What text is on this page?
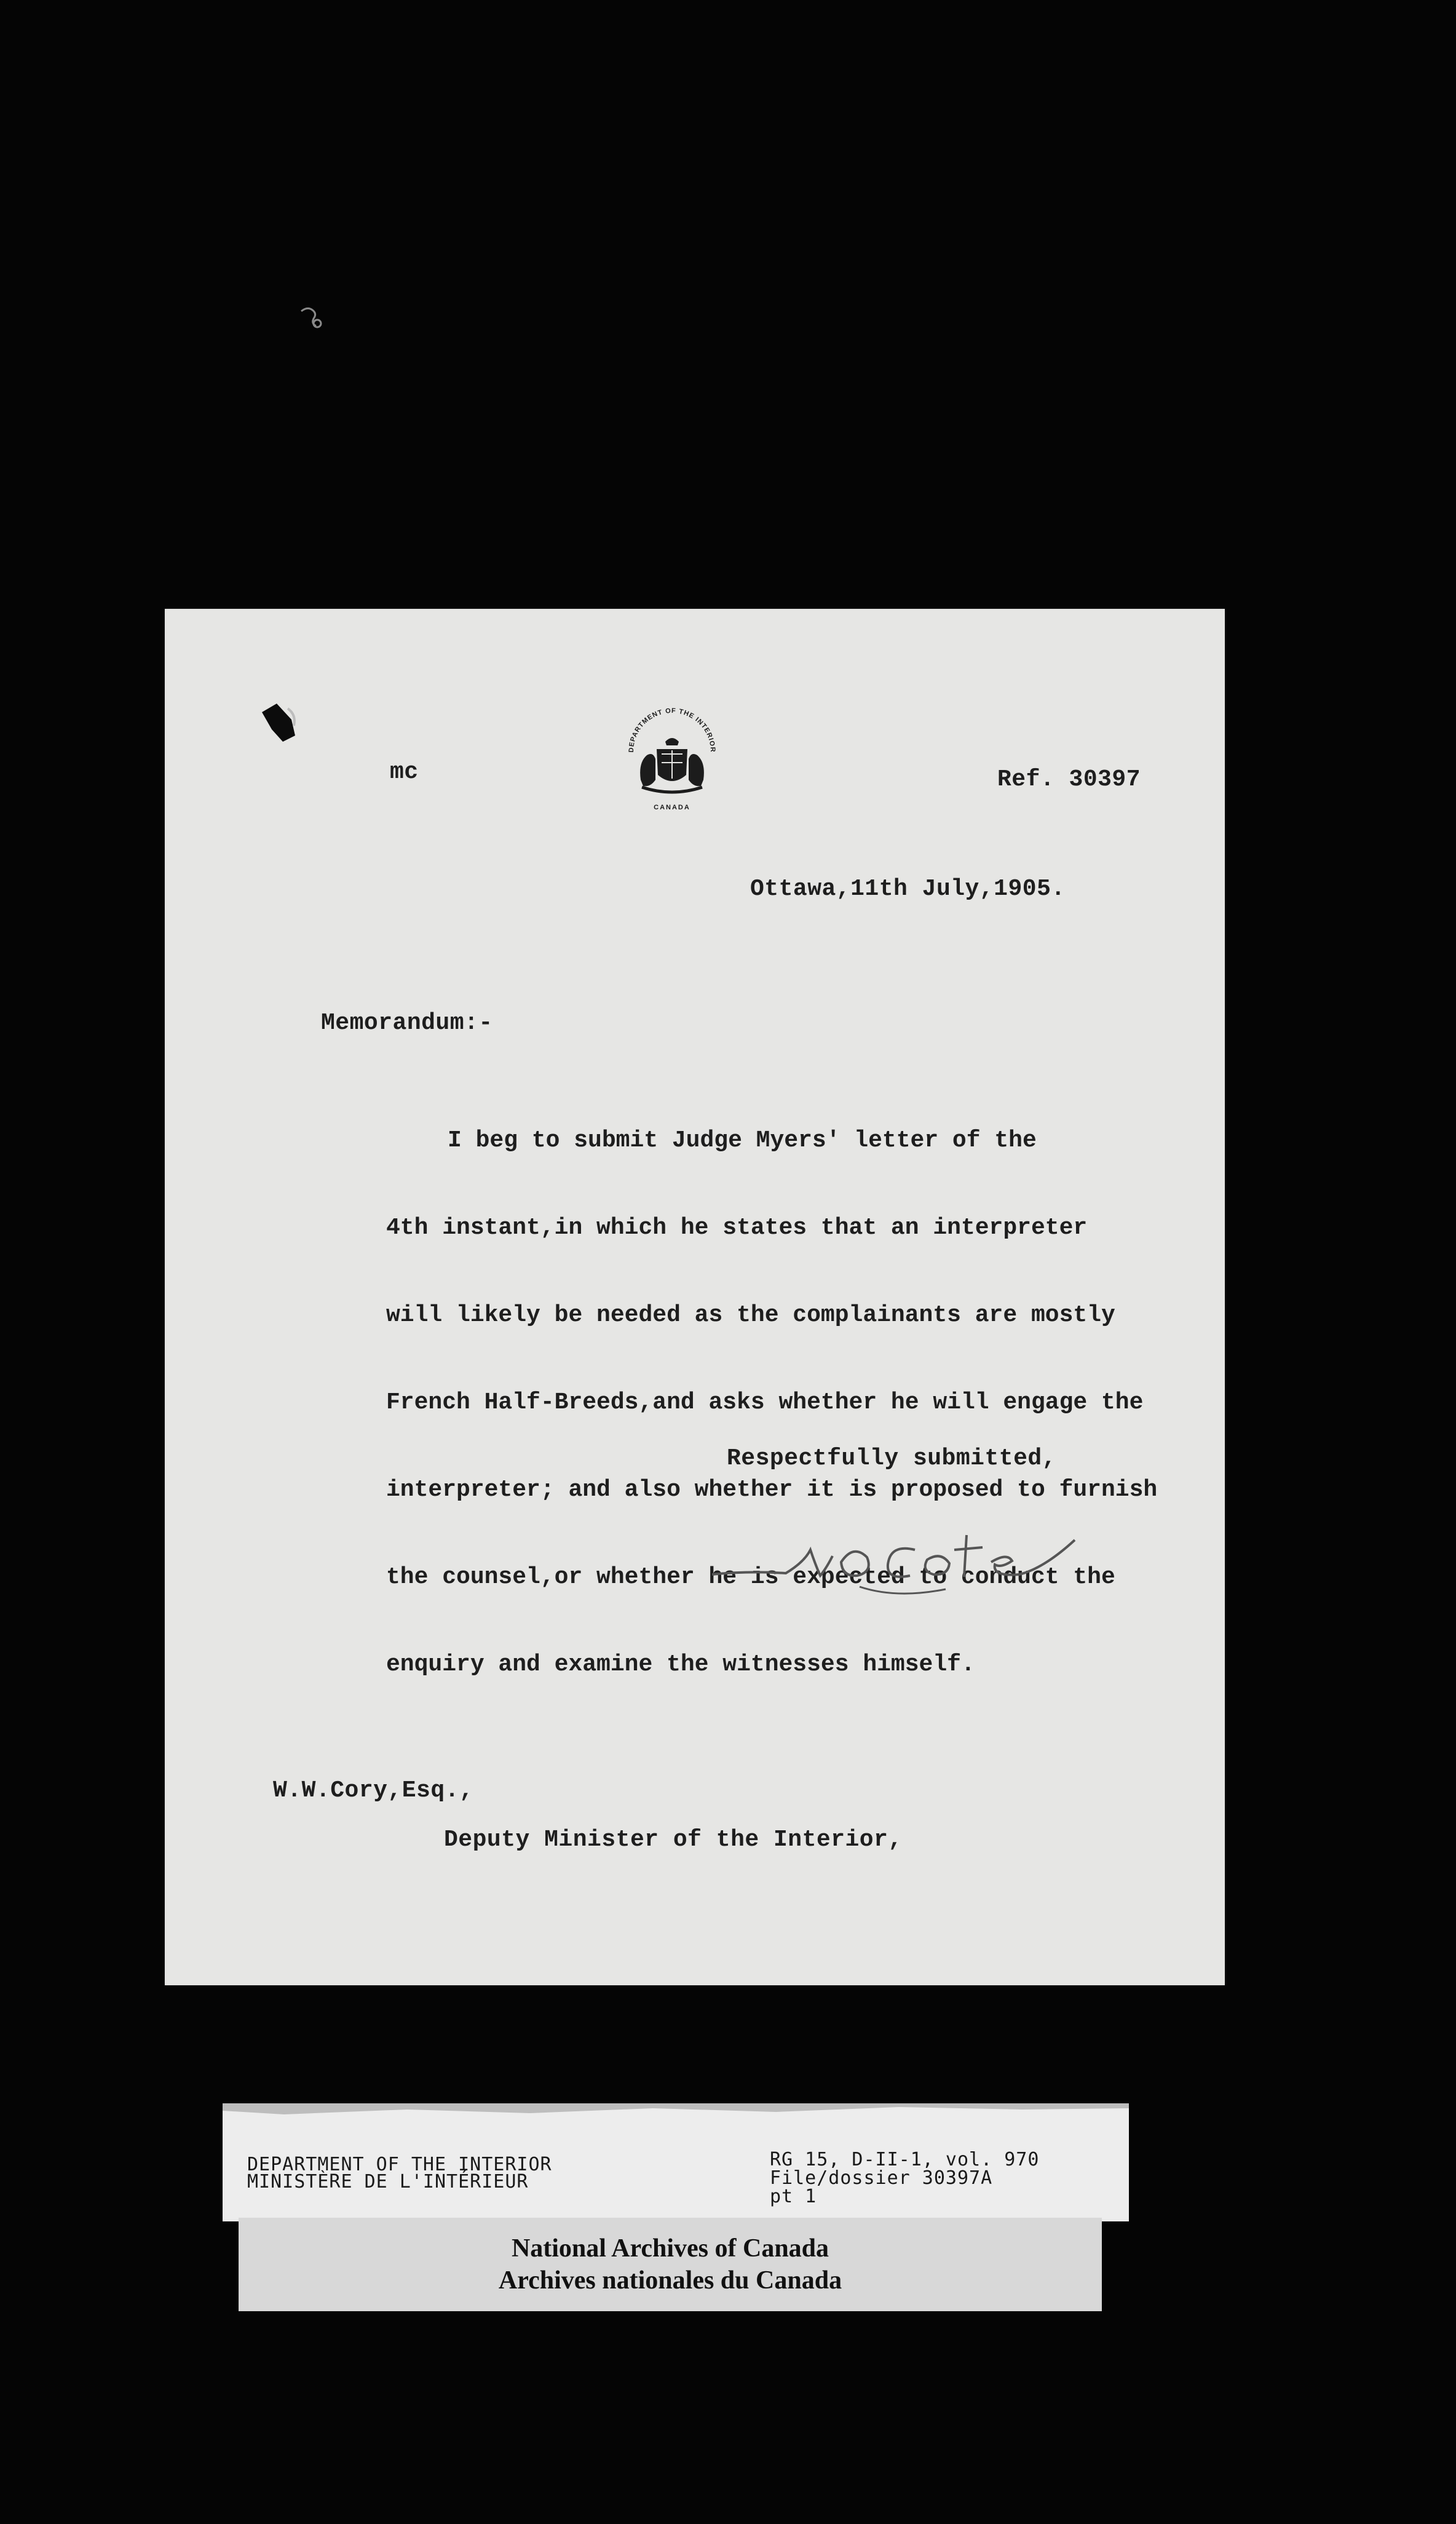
mc
DEPARTMENT OF THE INTERIOR
CANADA
Ref. 30397
Ottawa,11th July,1905.
Memorandum:-

I beg to submit Judge Myers' letter of the

4th instant,in which he states that an interpreter

will likely be needed as the complainants are mostly

French Half-Breeds,and asks whether he will engage the

interpreter; and also whether it is proposed to furnish

the counsel,or whether he is expected to conduct the

enquiry and examine the witnesses himself.

Respectfully submitted,
W.W.Cory,Esq.,
Deputy Minister of the Interior,
DEPARTMENT OF THE INTERIOR
MINISTÈRE DE L'INTÉRIEUR
RG 15, D-II-1, vol. 970
File/dossier 30397A
pt 1
National Archives of Canada
Archives nationales du Canada
